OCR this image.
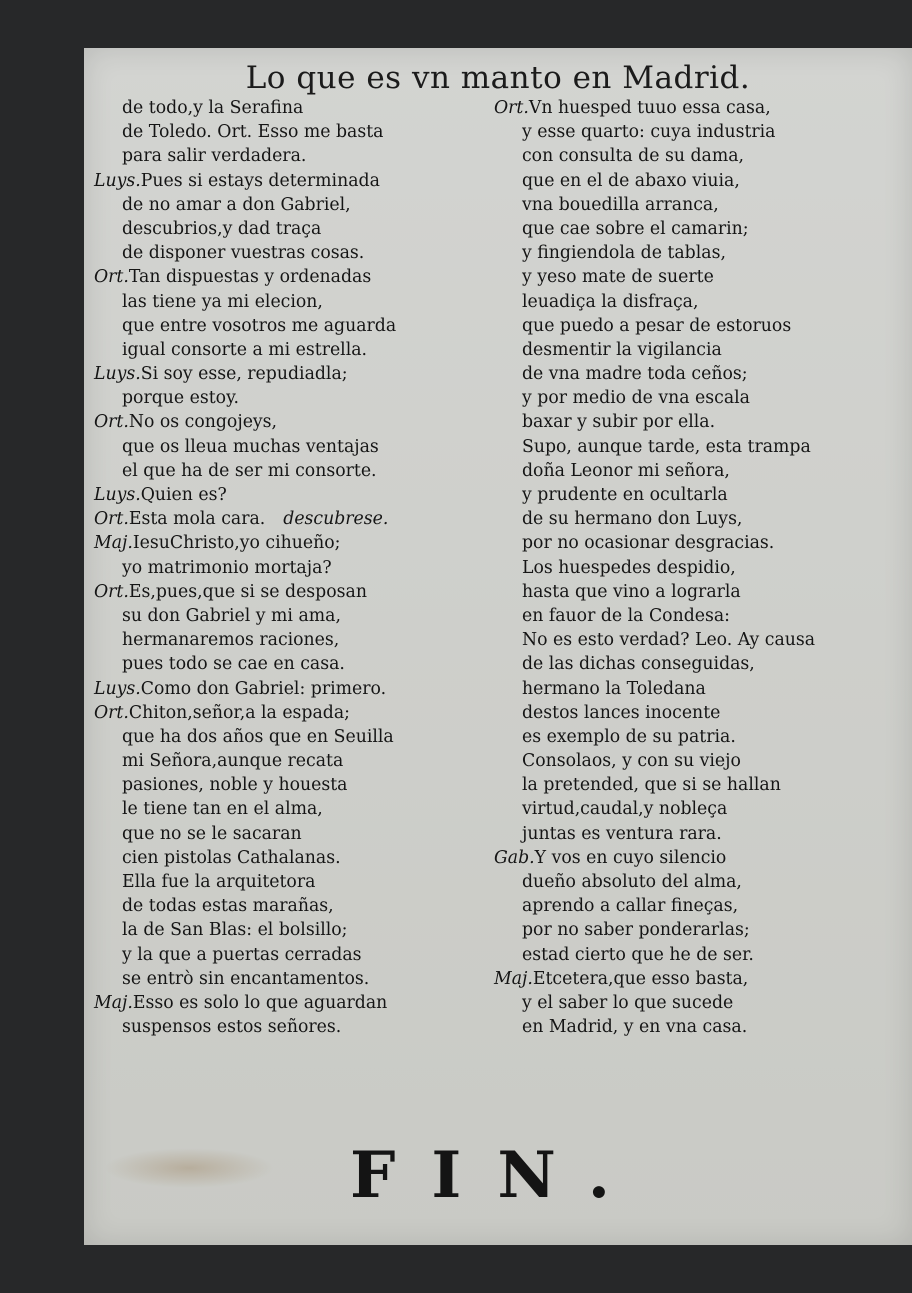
Lo que es vn manto en Madrid.
de todo,y la Serafina
de Toledo. Ort. Esso me basta
para salir verdadera.
Luys.Pues si estays determinada
de no amar a don Gabriel,
descubrios,y dad traça
de disponer vuestras cosas.
Ort.Tan dispuestas y ordenadas
las tiene ya mi elecion,
que entre vosotros me aguarda
igual consorte a mi estrella.
Luys.Si soy esse, repudiadla;
porque estoy.
Ort.No os congojeys,
que os lleua muchas ventajas
el que ha de ser mi consorte.
Luys.Quien es?
Ort.Esta mola cara. descubrese.
Maj.IesuChristo,yo cihueño;
yo matrimonio mortaja?
Ort.Es,pues,que si se desposan
su don Gabriel y mi ama,
hermanaremos raciones,
pues todo se cae en casa.
Luys.Como don Gabriel: primero.
Ort.Chiton,señor,a la espada;
que ha dos años que en Seuilla
mi Señora,aunque recata
pasiones, noble y houesta
le tiene tan en el alma,
que no se le sacaran
cien pistolas Cathalanas.
Ella fue la arquitetora
de todas estas marañas,
la de San Blas: el bolsillo;
y la que a puertas cerradas
se entrò sin encantamentos.
Maj.Esso es solo lo que aguardan
suspensos estos señores.
Ort.Vn huesped tuuo essa casa,
y esse quarto: cuya industria
con consulta de su dama,
que en el de abaxo viuia,
vna bouedilla arranca,
que cae sobre el camarin;
y fingiendola de tablas,
y yeso mate de suerte
leuadiça la disfraça,
que puedo a pesar de estoruos
desmentir la vigilancia
de vna madre toda ceños;
y por medio de vna escala
baxar y subir por ella.
Supo, aunque tarde, esta trampa
doña Leonor mi señora,
y prudente en ocultarla
de su hermano don Luys,
por no ocasionar desgracias.
Los huespedes despidio,
hasta que vino a lograrla
en fauor de la Condesa:
No es esto verdad? Leo. Ay causa
de las dichas conseguidas,
hermano la Toledana
destos lances inocente
es exemplo de su patria.
Consolaos, y con su viejo
la pretended, que si se hallan
virtud,caudal,y nobleça
juntas es ventura rara.
Gab.Y vos en cuyo silencio
dueño absoluto del alma,
aprendo a callar fineças,
por no saber ponderarlas;
estad cierto que he de ser.
Maj.Etcetera,que esso basta,
y el saber lo que sucede
en Madrid, y en vna casa.
FIN.
